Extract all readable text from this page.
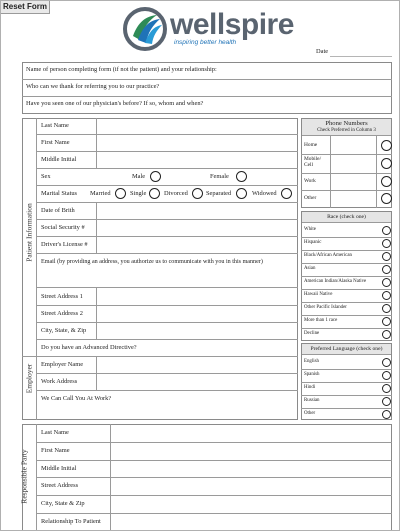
Reset Form
wellspire
inspiring better health
Date
Name of person completing form (if not the patient) and your relationship:
Who can we thank for referring you to our practice?
Have you seen one of our physician's before? If so, whom and when?
Patient Information
Employer
Last Name
First Name
Middle Initial
Sex	Male	Female
Marital Status Married	Single	Divorced	Separated	Widowed
Date of Brith
Social Security #
Driver's License #
Email (by providing an address, you authorize us to communicate with you in this manner)
Street Address 1
Street Address 2
City, State, & Zip
Do you have an Advanced Directive?
Employer Name
Work Address
We Can Call You At Work?
Phone Numbers
Check Preferred in Column 3
Home
Mobile/ Cell
Work
Other
Race (check one)
White
Hispanic
Black/African American
Asian
American Indian/Alaska Native
Hawaii Native
Other Pacific Islander
More than 1 race
Decline
Preferred Language (check one)
English
Spanish
Hindi
Russian
Other
Responsible Party
Last Name
First Name
Middle Initial
Street Address
City, State & Zip
Relationship To Patient
